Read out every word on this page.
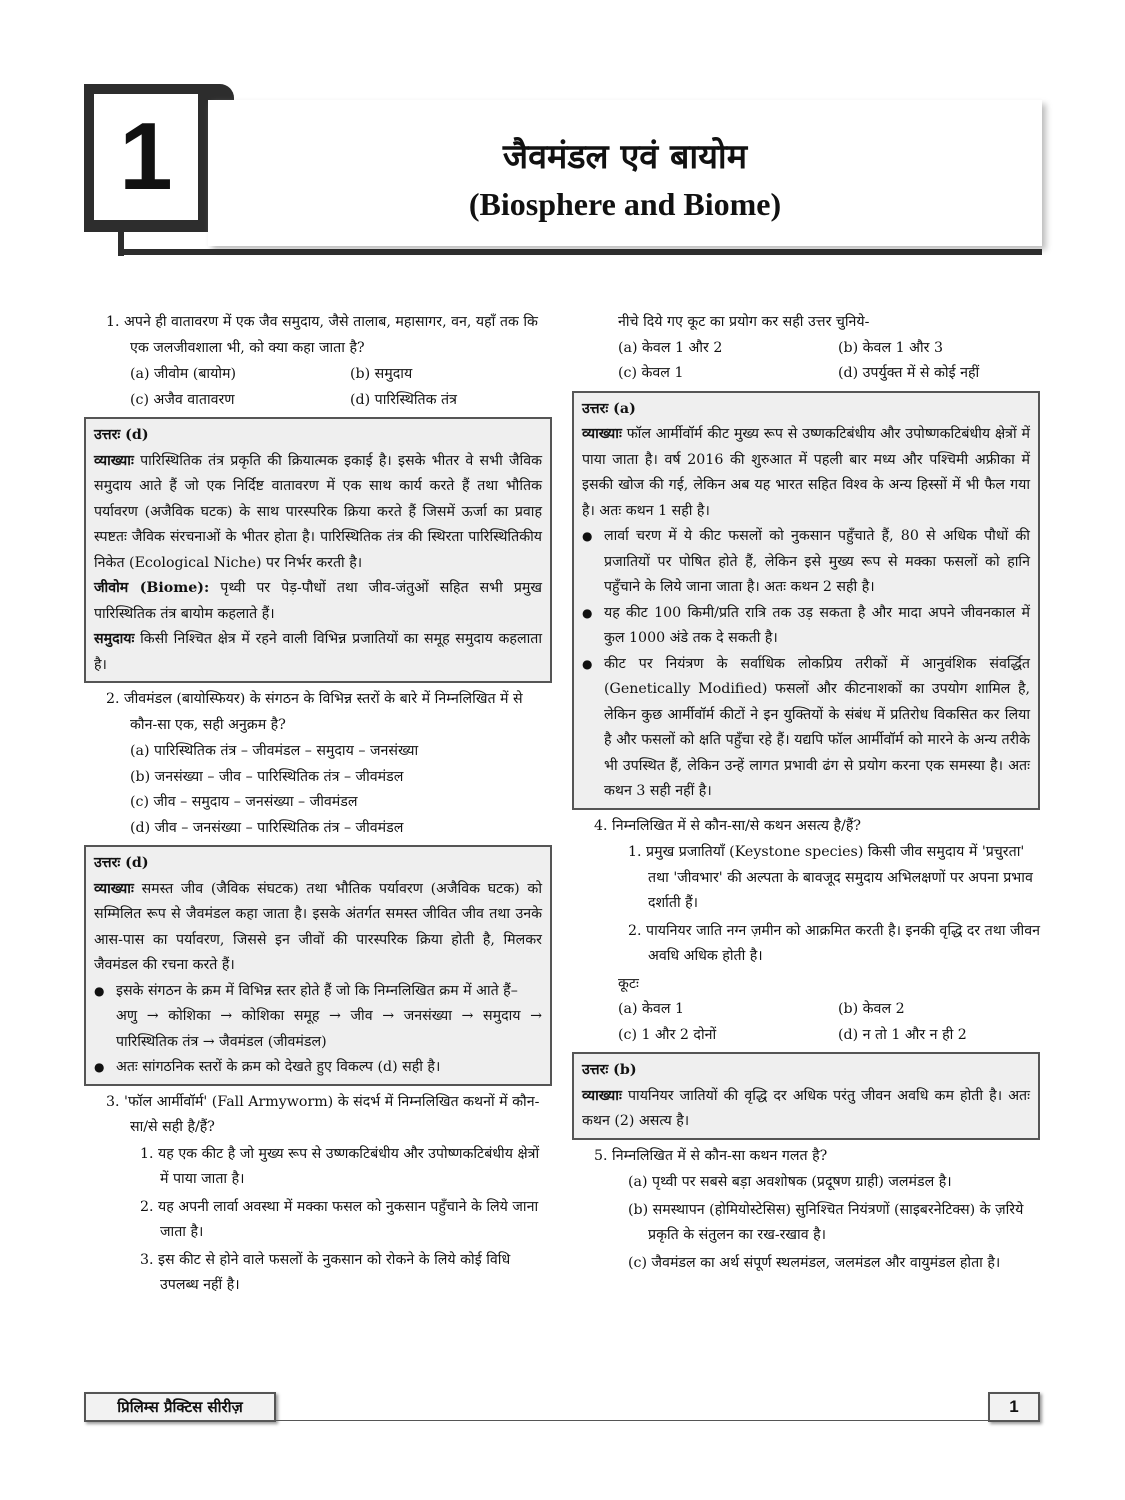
1	जैवमंडल एवं बायोम
(Biosphere and Biome)

1. अपने ही वातावरण में एक जैव समुदाय, जैसे तालाब, महासागर, वन, यहाँ तक कि एक जलजीवशाला भी, को क्या कहा जाता है?

(a) जीवोम (बायोम)	(b) समुदाय
(c) अजैव वातावरण	(d) पारिस्थितिक तंत्र

उत्तरः (d)

व्याख्याः पारिस्थितिक तंत्र प्रकृति की क्रियात्मक इकाई है। इसके भीतर वे सभी जैविक समुदाय आते हैं जो एक निर्दिष्ट वातावरण में एक साथ कार्य करते हैं तथा भौतिक पर्यावरण (अजैविक घटक) के साथ पारस्परिक क्रिया करते हैं जिसमें ऊर्जा का प्रवाह स्पष्टतः जैविक संरचनाओं के भीतर होता है। पारिस्थितिक तंत्र की स्थिरता पारिस्थितिकीय निकेत (Ecological Niche) पर निर्भर करती है।

जीवोम (Biome): पृथ्वी पर पेड़-पौधों तथा जीव-जंतुओं सहित सभी प्रमुख पारिस्थितिक तंत्र बायोम कहलाते हैं।

समुदायः किसी निश्चित क्षेत्र में रहने वाली विभिन्न प्रजातियों का समूह समुदाय कहलाता है।

2. जीवमंडल (बायोस्फियर) के संगठन के विभिन्न स्तरों के बारे में निम्नलिखित में से कौन-सा एक, सही अनुक्रम है?

(a) पारिस्थितिक तंत्र – जीवमंडल – समुदाय – जनसंख्या

(b) जनसंख्या – जीव – पारिस्थितिक तंत्र – जीवमंडल

(c) जीव – समुदाय – जनसंख्या – जीवमंडल

(d) जीव – जनसंख्या – पारिस्थितिक तंत्र – जीवमंडल

उत्तरः (d)

व्याख्याः समस्त जीव (जैविक संघटक) तथा भौतिक पर्यावरण (अजैविक घटक) को सम्मिलित रूप से जैवमंडल कहा जाता है। इसके अंतर्गत समस्त जीवित जीव तथा उनके आस-पास का पर्यावरण, जिससे इन जीवों की पारस्परिक क्रिया होती है, मिलकर जैवमंडल की रचना करते हैं।

● इसके संगठन के क्रम में विभिन्न स्तर होते हैं जो कि निम्नलिखित क्रम में आते हैं–

अणु → कोशिका → कोशिका समूह → जीव → जनसंख्या → समुदाय → पारिस्थितिक तंत्र → जैवमंडल (जीवमंडल)

● अतः सांगठनिक स्तरों के क्रम को देखते हुए विकल्प (d) सही है।

3. 'फॉल आर्मीवॉर्म' (Fall Armyworm) के संदर्भ में निम्नलिखित कथनों में कौन-सा/से सही है/हैं?

1. यह एक कीट है जो मुख्य रूप से उष्णकटिबंधीय और उपोष्णकटिबंधीय क्षेत्रों में पाया जाता है।

2. यह अपनी लार्वा अवस्था में मक्का फसल को नुकसान पहुँचाने के लिये जाना जाता है।

3. इस कीट से होने वाले फसलों के नुकसान को रोकने के लिये कोई विधि उपलब्ध नहीं है।

नीचे दिये गए कूट का प्रयोग कर सही उत्तर चुनिये-

(a) केवल 1 और 2	(b) केवल 1 और 3
(c) केवल 1	(d) उपर्युक्त में से कोई नहीं

उत्तरः (a)

व्याख्याः फॉल आर्मीवॉर्म कीट मुख्य रूप से उष्णकटिबंधीय और उपोष्णकटिबंधीय क्षेत्रों में पाया जाता है। वर्ष 2016 की शुरुआत में पहली बार मध्य और पश्चिमी अफ्रीका में इसकी खोज की गई, लेकिन अब यह भारत सहित विश्व के अन्य हिस्सों में भी फैल गया है। अतः कथन 1 सही है।

● लार्वा चरण में ये कीट फसलों को नुकसान पहुँचाते हैं, 80 से अधिक पौधों की प्रजातियों पर पोषित होते हैं, लेकिन इसे मुख्य रूप से मक्का फसलों को हानि पहुँचाने के लिये जाना जाता है। अतः कथन 2 सही है।

● यह कीट 100 किमी/प्रति रात्रि तक उड़ सकता है और मादा अपने जीवनकाल में कुल 1000 अंडे तक दे सकती है।

● कीट पर नियंत्रण के सर्वाधिक लोकप्रिय तरीकों में आनुवंशिक संवर्द्धित (Genetically Modified) फसलों और कीटनाशकों का उपयोग शामिल है, लेकिन कुछ आर्मीवॉर्म कीटों ने इन युक्तियों के संबंध में प्रतिरोध विकसित कर लिया है और फसलों को क्षति पहुँचा रहे हैं। यद्यपि फॉल आर्मीवॉर्म को मारने के अन्य तरीके भी उपस्थित हैं, लेकिन उन्हें लागत प्रभावी ढंग से प्रयोग करना एक समस्या है। अतः कथन 3 सही नहीं है।

4. निम्नलिखित में से कौन-सा/से कथन असत्य है/हैं?

1. प्रमुख प्रजातियाँ (Keystone species) किसी जीव समुदाय में 'प्रचुरता' तथा 'जीवभार' की अल्पता के बावजूद समुदाय अभिलक्षणों पर अपना प्रभाव दर्शाती हैं।

2. पायनियर जाति नग्न ज़मीन को आक्रमित करती है। इनकी वृद्धि दर तथा जीवन अवधि अधिक होती है।

कूटः

(a) केवल 1	(b) केवल 2
(c) 1 और 2 दोनों	(d) न तो 1 और न ही 2

उत्तरः (b)

व्याख्याः पायनियर जातियों की वृद्धि दर अधिक परंतु जीवन अवधि कम होती है। अतः कथन (2) असत्य है।

5. निम्नलिखित में से कौन-सा कथन गलत है?

(a) पृथ्वी पर सबसे बड़ा अवशोषक (प्रदूषण ग्राही) जलमंडल है।

(b) समस्थापन (होमियोस्टेसिस) सुनिश्चित नियंत्रणों (साइबरनेटिक्स) के ज़रिये प्रकृति के संतुलन का रख-रखाव है।

(c) जैवमंडल का अर्थ संपूर्ण स्थलमंडल, जलमंडल और वायुमंडल होता है।

प्रिलिम्स प्रैक्टिस सीरीज़	1
